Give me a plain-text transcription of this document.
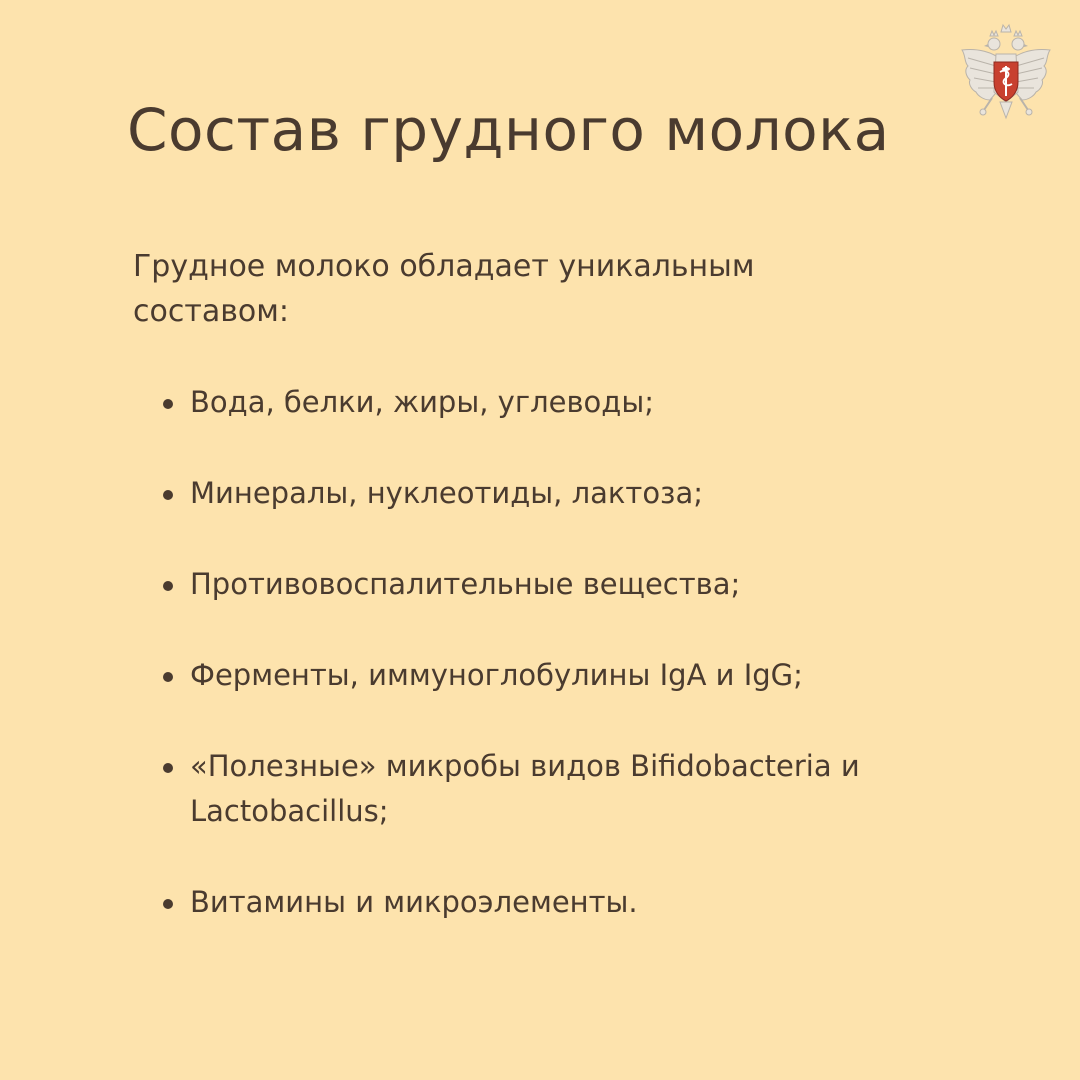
Состав грудного молока

Грудное молоко обладает уникальным составом:

Вода, белки, жиры, углеводы;
Минералы, нуклеотиды, лактоза;
Противовоспалительные вещества;
Ферменты, иммуноглобулины IgA и IgG;
«Полезные» микробы видов Bifidobacteria и Lactobacillus;
Витамины и микроэлементы.
